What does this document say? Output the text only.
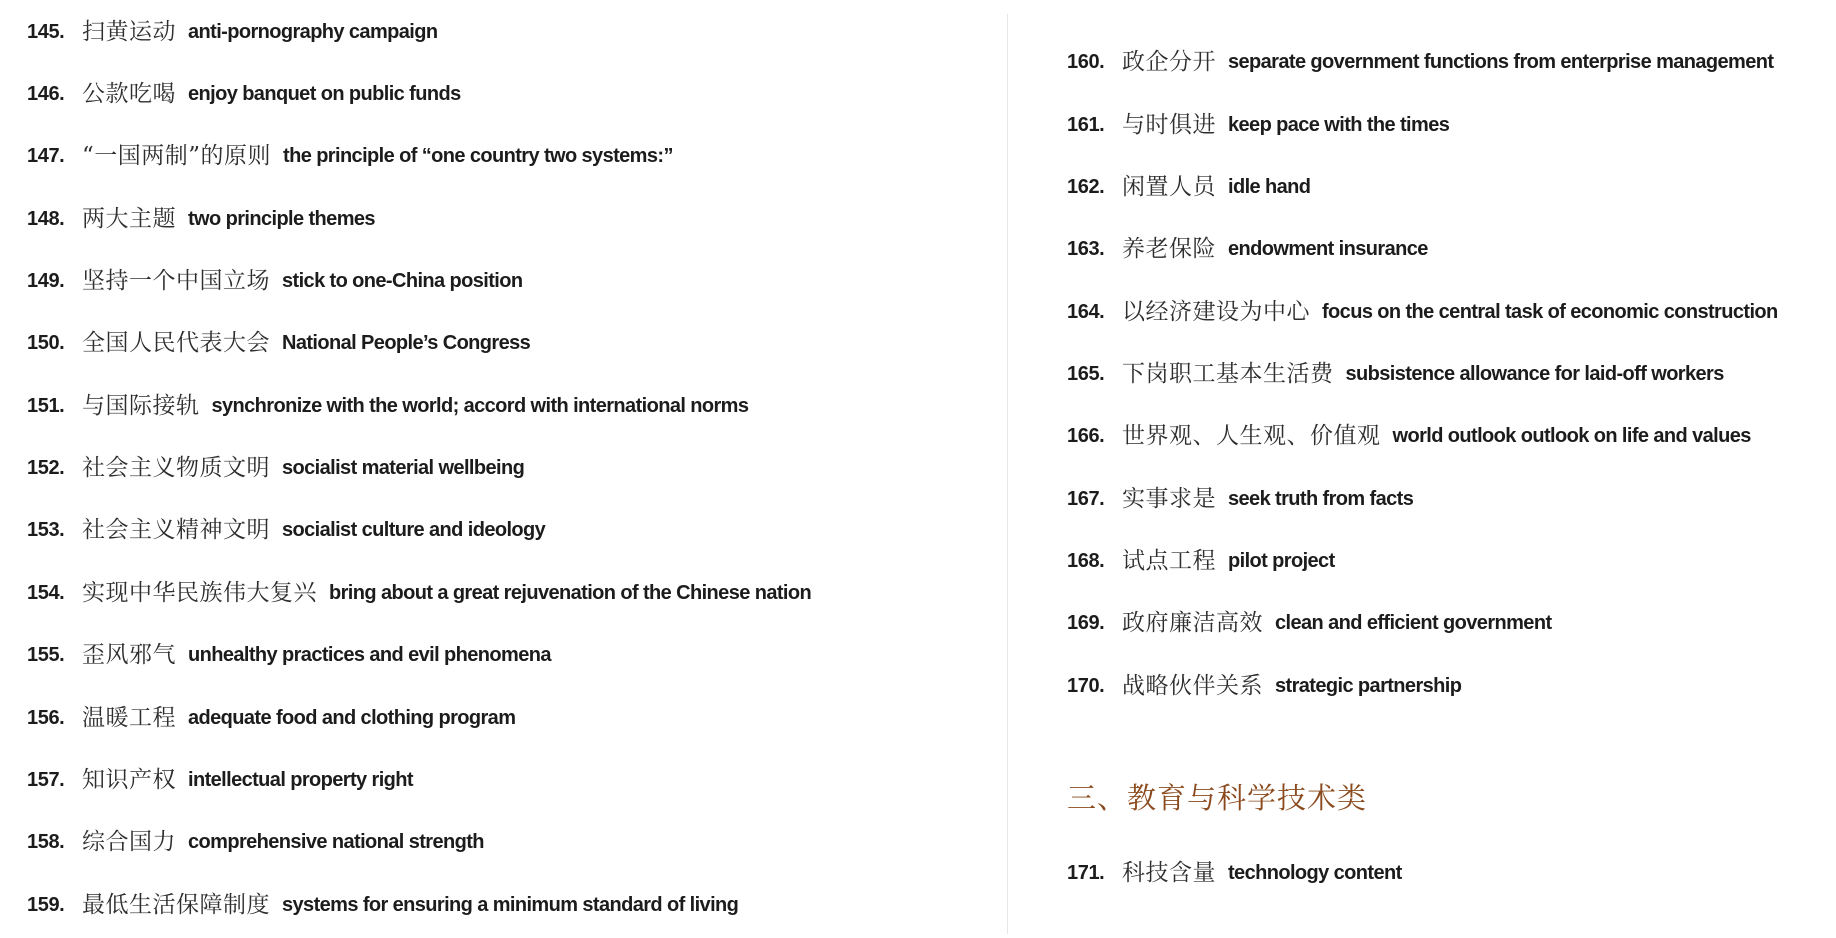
145. 扫黄运动 anti-pornography campaign
146. 公款吃喝 enjoy banquet on public funds
147. “一国两制”的原则 the principle of “one country two systems:”
148. 两大主题 two principle themes
149. 坚持一个中国立场 stick to one-China position
150. 全国人民代表大会 National People’s Congress
151. 与国际接轨 synchronize with the world; accord with international norms
152. 社会主义物质文明 socialist material wellbeing
153. 社会主义精神文明 socialist culture and ideology
154. 实现中华民族伟大复兴 bring about a great rejuvenation of the Chinese nation
155. 歪风邪气 unhealthy practices and evil phenomena
156. 温暖工程 adequate food and clothing program
157. 知识产权 intellectual property right
158. 综合国力 comprehensive national strength
159. 最低生活保障制度 systems for ensuring a minimum standard of living
160. 政企分开 separate government functions from enterprise management
161. 与时俱进 keep pace with the times
162. 闲置人员 idle hand
163. 养老保险 endowment insurance
164. 以经济建设为中心 focus on the central task of economic construction
165. 下岗职工基本生活费 subsistence allowance for laid-off workers
166. 世界观、人生观、价值观 world outlook outlook on life and values
167. 实事求是 seek truth from facts
168. 试点工程 pilot project
169. 政府廉洁高效 clean and efficient government
170. 战略伙伴关系 strategic partnership
171. 科技含量 technology content
三、教育与科学技术类
